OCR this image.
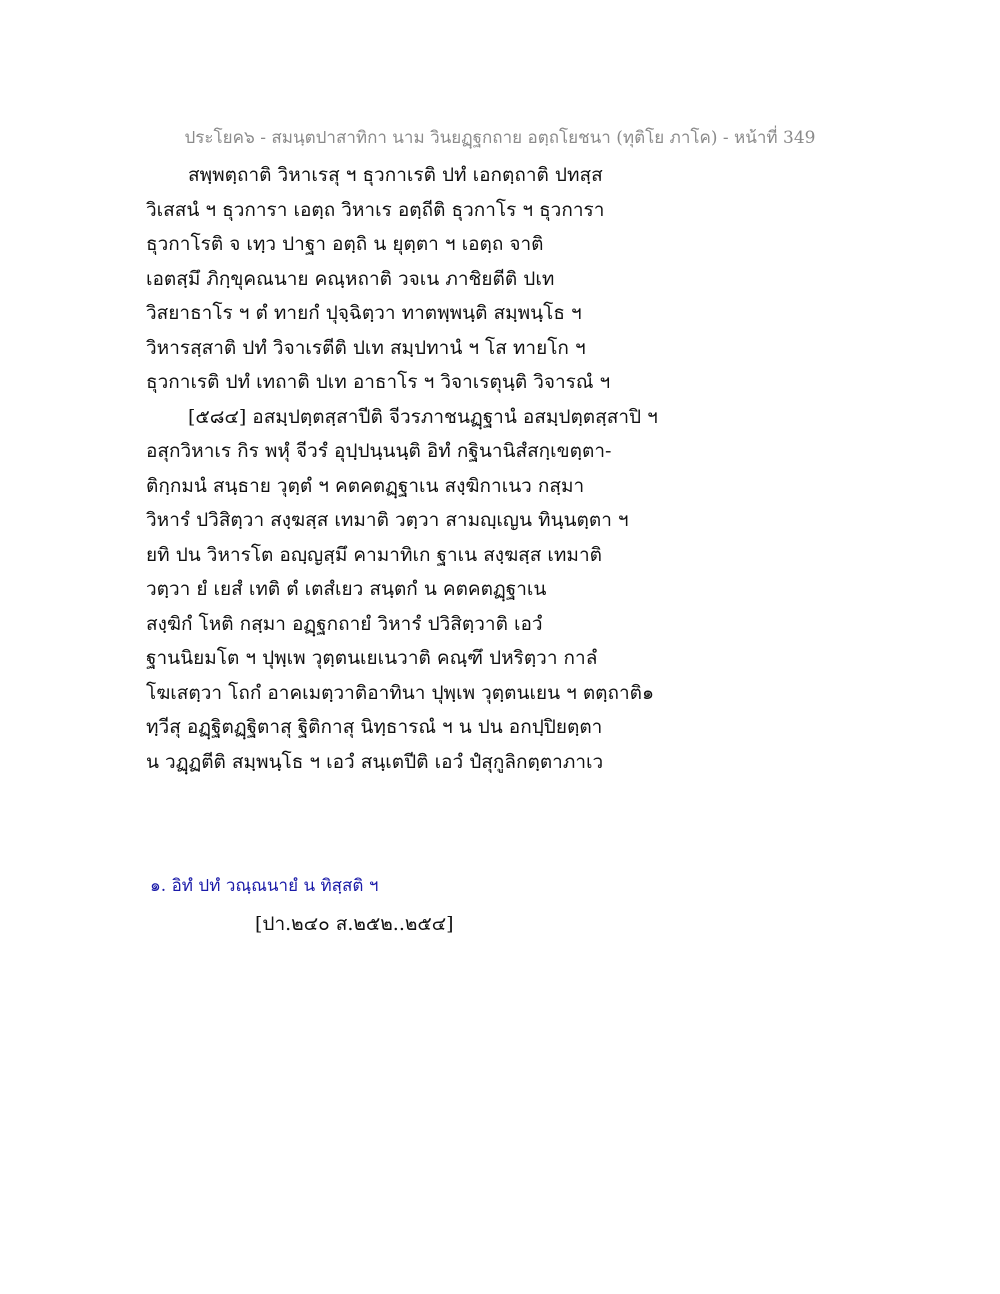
ประโยค๖ - สมนฺตปาสาทิกา นาม วินยฏฺฐกถาย อตฺถโยชนา (ทุติโย ภาโค) - หน้าที่ 349
สพฺพตฺถาติ วิหาเรสุ ฯ ธุวกาเรติ ปทํ เอกตฺถาติ ปทสฺส
วิเสสนํ ฯ ธุวการา เอตฺถ วิหาเร อตฺถีติ ธุวกาโร ฯ ธุวการา
ธุวกาโรติ จ เทฺว ปาฐา อตฺถิ น ยุตฺตา ฯ เอตฺถ จาติ
เอตสฺมึ ภิกฺขุคณนาย คณฺหถาติ วจเน ภาชิยตีติ ปเท
วิสยาธาโร ฯ ตํ ทายกํ ปุจฺฉิตฺวา ทาตพฺพนฺติ สมฺพนฺโธ ฯ
วิหารสฺสาติ ปทํ วิจาเรตีติ ปเท สมฺปทานํ ฯ โส ทายโก ฯ
ธุวกาเรติ ปทํ เทถาติ ปเท อาธาโร ฯ วิจาเรตุนฺติ วิจารณํ ฯ
[๕๘๔] อสมฺปตฺตสฺสาปีติ จีวรภาชนฏฺฐานํ อสมฺปตฺตสฺสาปิ ฯ
อสุกวิหาเร กิร พหุํ จีวรํ อุปฺปนฺนนฺติ อิทํ กฐินานิสํสกฺเขตฺตา-
ติกฺกมนํ สนฺธาย วุตฺตํ ฯ คตคตฏฺฐาเน สงฺฆิกาเนว กสฺมา
วิหารํ ปวิสิตฺวา สงฺฆสฺส เทมาติ วตฺวา สามญฺเญน ทินฺนตฺตา ฯ
ยทิ ปน วิหารโต อญฺญสฺมึ คามาทิเก ฐาเน สงฺฆสฺส เทมาติ
วตฺวา ยํ เยสํ เทติ ตํ เตสํเยว สนฺตกํ น คตคตฏฺฐาเน
สงฺฆิกํ โหติ กสฺมา อฏฺฐกถายํ วิหารํ ปวิสิตฺวาติ เอวํ
ฐานนิยมโต ฯ ปุพฺเพ วุตฺตนเยเนวาติ คณฺฑึ ปหริตฺวา กาลํ
โฆเสตฺวา โถกํ อาคเมตฺวาติอาทินา ปุพฺเพ วุตฺตนเยน ฯ ตตฺถาติ๑
ทฺวีสุ อฏฺฐิตฏฺฐิตาสุ ฐิติกาสุ นิทฺธารณํ ฯ น ปน อกปฺปิยตฺตา
น วฏฺฏตีติ สมฺพนฺโธ ฯ เอวํ สนฺเตปีติ เอวํ ปํสุกูลิกตฺตาภาเว
๑. อิทํ ปทํ วณฺณนายํ น ทิสฺสติ ฯ
[ปา.๒๔๐ ส.๒๕๒..๒๕๔]
